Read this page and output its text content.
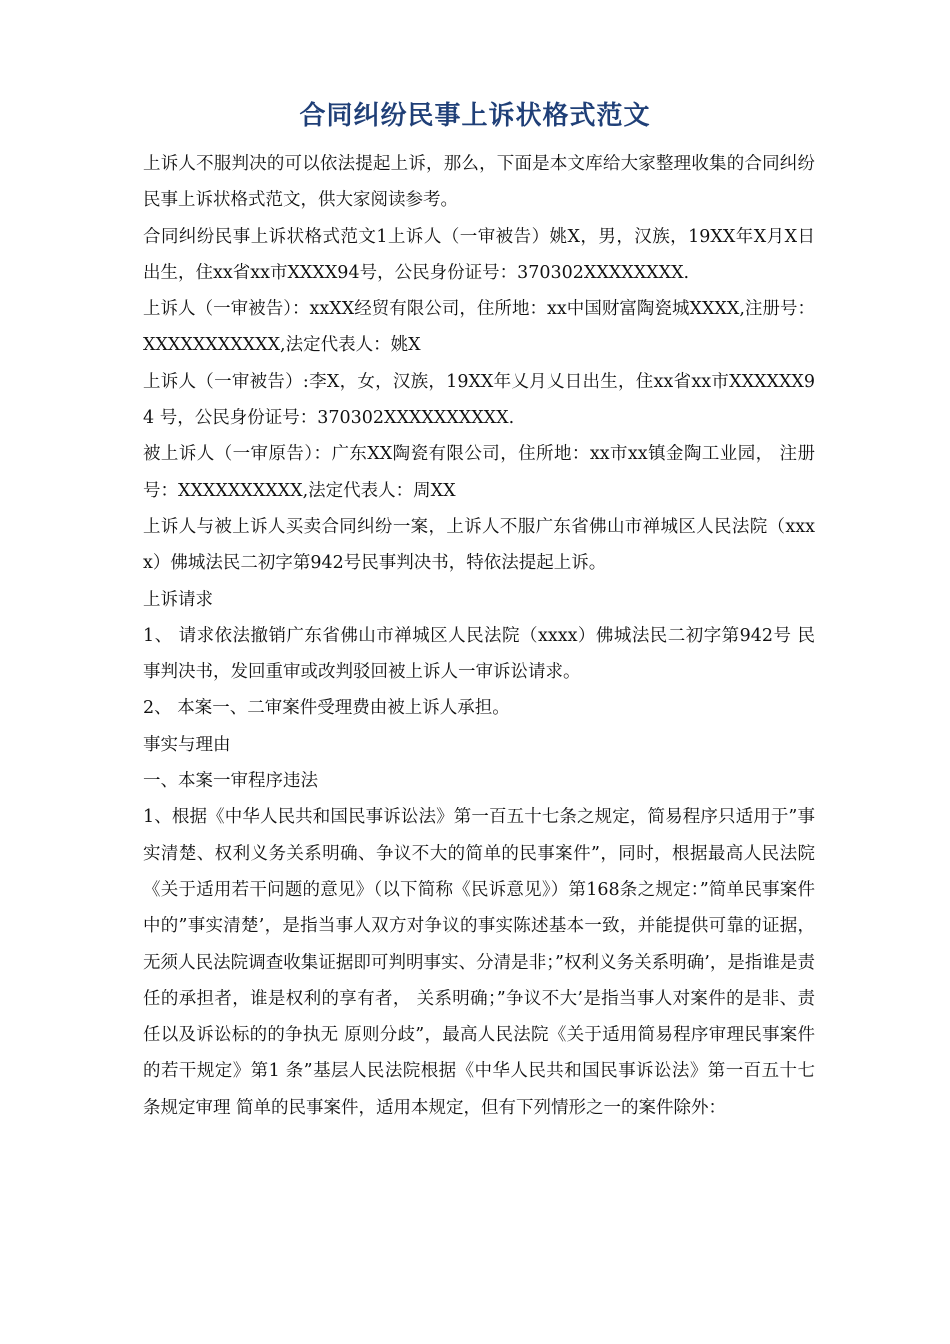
合同纠纷民事上诉状格式范文

上诉人不服判决的可以依法提起上诉，那么，下面是本文库给大家整理收集的合同纠纷民事上诉状格式范文，供大家阅读参考。

合同纠纷民事上诉状格式范文1上诉人（一审被告）姚X，男，汉族，19XX年X月X日出生，住xx省xx市XXXX94号，公民身份证号：370302XXXXXXXX.

上诉人（一审被告）：xxXX经贸有限公司，住所地：xx中国财富陶瓷城XXXX,注册号：XXXXXXXXXXX,法定代表人：姚X

上诉人（一审被告）:李X，女，汉族，19XX年乂月乂日出生，住xx省xx市XXXXXX94 号，公民身份证号：370302XXXXXXXXXX.

被上诉人（一审原告）：广东XX陶瓷有限公司，住所地：xx市xx镇金陶工业园， 注册号：XXXXXXXXXX,法定代表人：周XX

上诉人与被上诉人买卖合同纠纷一案，上诉人不服广东省佛山市禅城区人民法院（xxxx）佛城法民二初字第942号民事判决书，特依法提起上诉。

上诉请求

1、 请求依法撤销广东省佛山市禅城区人民法院（xxxx）佛城法民二初字第942号 民事判决书，发回重审或改判驳回被上诉人一审诉讼请求。

2、 本案一、二审案件受理费由被上诉人承担。

事实与理由

一、本案一审程序违法

1、根据《中华人民共和国民事诉讼法》第一百五十七条之规定，简易程序只适用于”事实清楚、权利义务关系明确、争议不大的简单的民事案件”，同时，根据最高人民法院《关于适用若干问题的意见》（以下简称《民诉意见》）第168条之规定：”简单民事案件中的”事实清楚’，是指当事人双方对争议的事实陈述基本一致，并能提供可靠的证据，无须人民法院调查收集证据即可判明事实、分清是非；”权利义务关系明确’，是指谁是责任的承担者，谁是权利的享有者， 关系明确；”争议不大’是指当事人对案件的是非、责任以及诉讼标的的争执无 原则分歧”，最高人民法院《关于适用简易程序审理民事案件的若干规定》第1 条”基层人民法院根据《中华人民共和国民事诉讼法》第一百五十七条规定审理 简单的民事案件，适用本规定，但有下列情形之一的案件除外：
